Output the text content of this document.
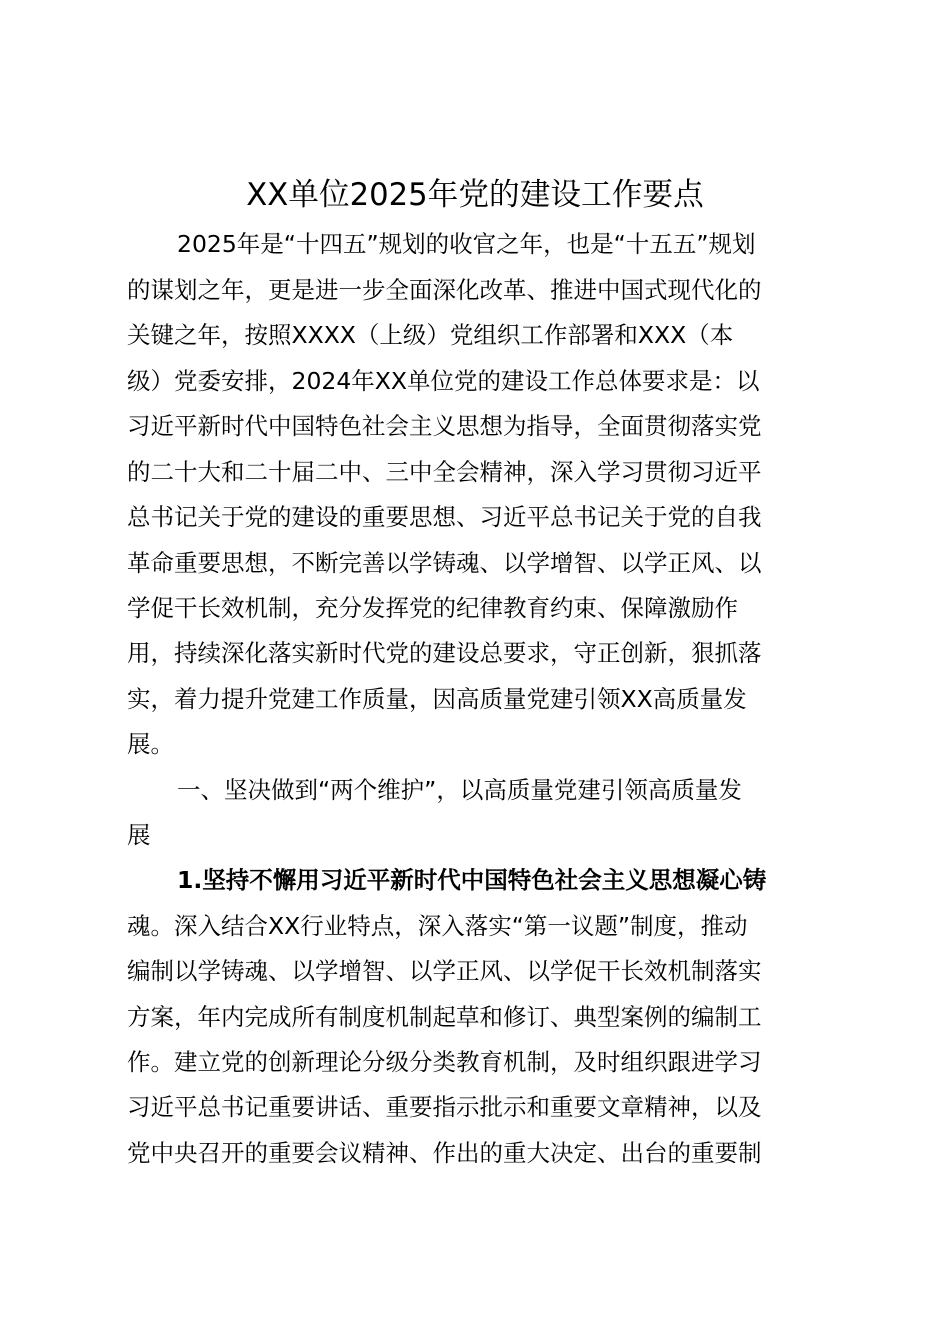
XX单位2025年党的建设工作要点
2025年是“十四五”规划的收官之年，也是“十五五”规划
的谋划之年，更是进一步全面深化改革、推进中国式现代化的
关键之年，按照XXXX（上级）党组织工作部署和XXX（本
级）党委安排，2024年XX单位党的建设工作总体要求是：以
习近平新时代中国特色社会主义思想为指导，全面贯彻落实党
的二十大和二十届二中、三中全会精神，深入学习贯彻习近平
总书记关于党的建设的重要思想、习近平总书记关于党的自我
革命重要思想，不断完善以学铸魂、以学增智、以学正风、以
学促干长效机制，充分发挥党的纪律教育约束、保障激励作
用，持续深化落实新时代党的建设总要求，守正创新，狠抓落
实，着力提升党建工作质量，因高质量党建引领XX高质量发
展。
一、坚决做到“两个维护”，以高质量党建引领高质量发
展
1.坚持不懈用习近平新时代中国特色社会主义思想凝心铸
魂。深入结合XX行业特点，深入落实“第一议题”制度，推动
编制以学铸魂、以学增智、以学正风、以学促干长效机制落实
方案，年内完成所有制度机制起草和修订、典型案例的编制工
作。建立党的创新理论分级分类教育机制，及时组织跟进学习
习近平总书记重要讲话、重要指示批示和重要文章精神，以及
党中央召开的重要会议精神、作出的重大决定、出台的重要制
